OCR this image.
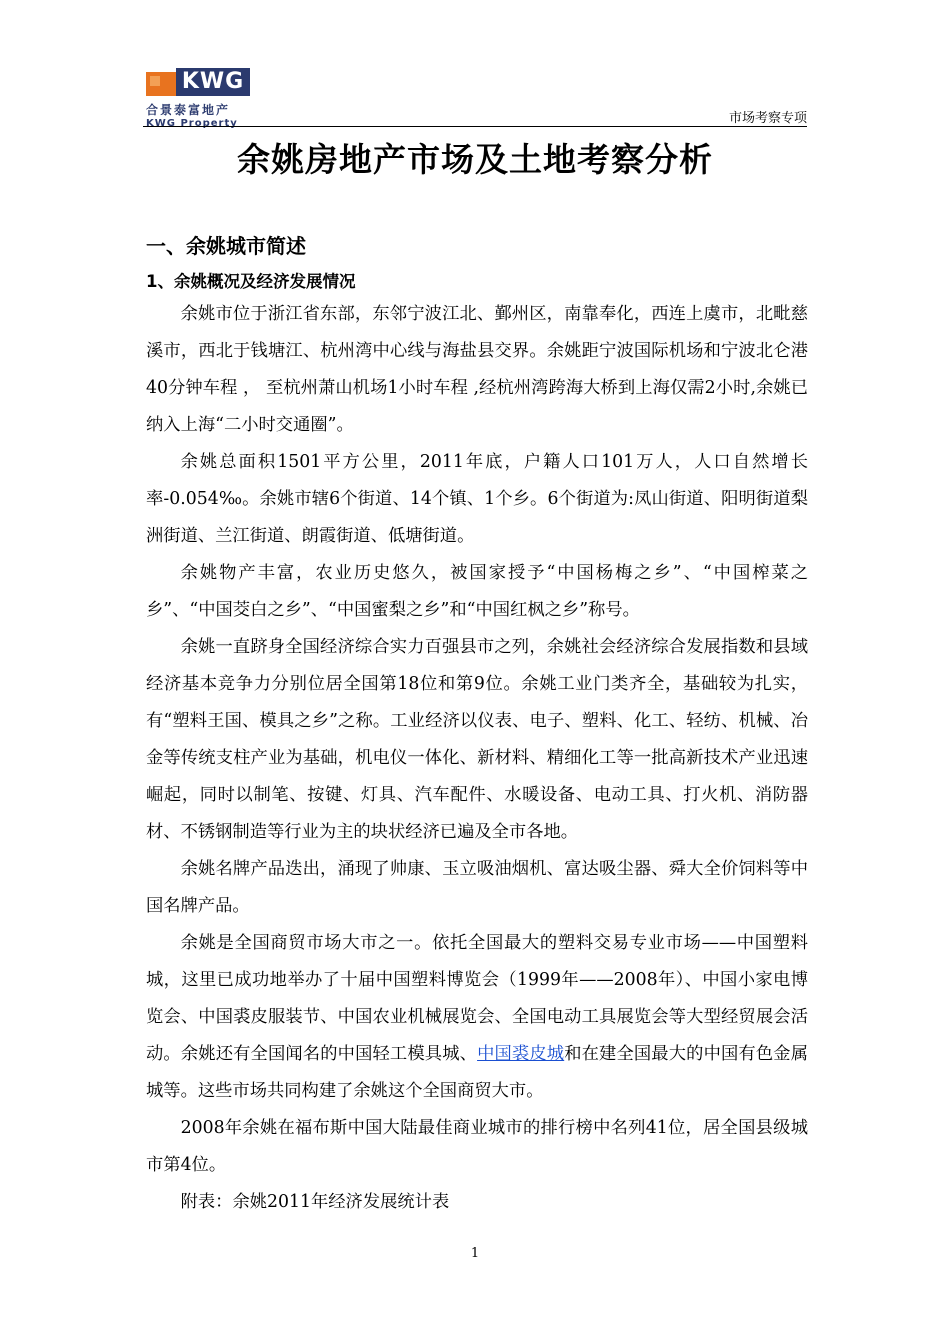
KWG
合景泰富地产
KWG Property	市场考察专项
余姚房地产市场及土地考察分析
一、余姚城市简述
1、余姚概况及经济发展情况

余姚市位于浙江省东部，东邻宁波江北、鄞州区，南靠奉化，西连上虞市，北毗慈溪市，西北于钱塘江、杭州湾中心线与海盐县交界。余姚距宁波国际机场和宁波北仑港40分钟车程 ， 至杭州萧山机场1小时车程 ,经杭州湾跨海大桥到上海仅需2小时,余姚已纳入上海“二小时交通圈”。

余姚总面积1501平方公里，2011年底，户籍人口101万人，人口自然增长率-0.054‰。余姚市辖6个街道、14个镇、1个乡。6个街道为:凤山街道、阳明街道梨洲街道、兰江街道、朗霞街道、低塘街道。

余姚物产丰富，农业历史悠久，被国家授予“中国杨梅之乡”、“中国榨菜之乡”、“中国茭白之乡”、“中国蜜梨之乡”和“中国红枫之乡”称号。

余姚一直跻身全国经济综合实力百强县市之列，余姚社会经济综合发展指数和县域经济基本竞争力分别位居全国第18位和第9位。余姚工业门类齐全，基础较为扎实，有“塑料王国、模具之乡”之称。工业经济以仪表、电子、塑料、化工、轻纺、机械、冶金等传统支柱产业为基础，机电仪一体化、新材料、精细化工等一批高新技术产业迅速崛起，同时以制笔、按键、灯具、汽车配件、水暖设备、电动工具、打火机、消防器材、不锈钢制造等行业为主的块状经济已遍及全市各地。

余姚名牌产品迭出，涌现了帅康、玉立吸油烟机、富达吸尘器、舜大全价饲料等中国名牌产品。

余姚是全国商贸市场大市之一。依托全国最大的塑料交易专业市场——中国塑料城，这里已成功地举办了十届中国塑料博览会（1999年——2008年）、中国小家电博览会、中国裘皮服装节、中国农业机械展览会、全国电动工具展览会等大型经贸展会活动。余姚还有全国闻名的中国轻工模具城、中国裘皮城和在建全国最大的中国有色金属城等。这些市场共同构建了余姚这个全国商贸大市。

2008年余姚在福布斯中国大陆最佳商业城市的排行榜中名列41位，居全国县级城市第4位。

附表：余姚2011年经济发展统计表

1
